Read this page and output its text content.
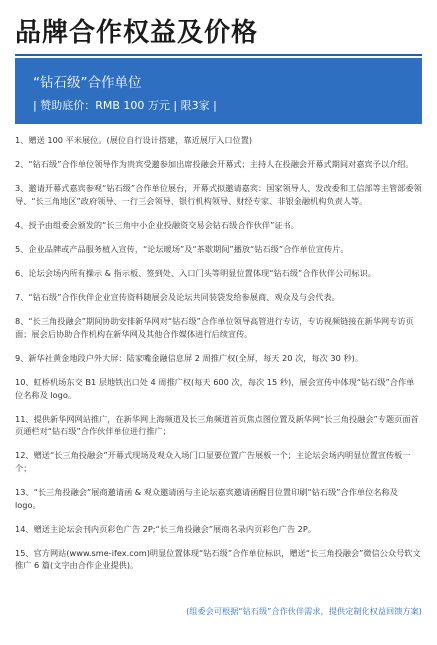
品牌合作权益及价格
“钻石级”合作单位
| 赞助底价：RMB 100 万元 | 限3家 |
1、赠送 100 平米展位。(展位自行设计搭建，靠近展厅入口位置)
2、“钻石级”合作单位领导作为贵宾受邀参加出席投融会开幕式；主持人在投融会开幕式期间对嘉宾予以介绍。
3、邀请开幕式嘉宾参观“钻石级”合作单位展台，开幕式拟邀请嘉宾：国家领导人、发改委和工信部等主管部委领导、“长三角地区”政府领导、一行三会领导、银行机构领导、财经专家、非银金融机构负责人等。
4、授予由组委会颁发的“长三角中小企业投融资交易会钻石级合作伙伴”证书。
5、企业品牌或产品服务植入宣传，“论坛暖场”及“茶歇期间”播放“钻石级”合作单位宣传片。
6、论坛会场内所有操示 & 指示板、签到处、入口门头等明显位置体现“钻石级”合作伙伴公司标识。
7、“钻石级”合作伙伴企业宣传资料随展会及论坛共同装袋发给参展商、观众及与会代表。
8、“长三角投融会”期间协助安排新华网对“钻石级”合作单位领导高管进行专访，专访视频链接在新华网专访页面；展会后协助合作机构在新华网及其他合作媒体进行后续宣传。
9、新华社黄金地段户外大屏：陆家嘴金融信息屏 2 周推广权(全屏，每天 20 次，每次 30 秒)。
10、虹桥机场东交 B1 层地铁出口处 4 周推广权(每天 600 次，每次 15 秒)，展会宣传中体现“钻石级”合作单位名称及 logo。
11、提供新华网网站推广，在新华网上海频道及长三角频道首页焦点图位置及新华网“长三角投融会”专题页面首页通栏对“钻石级”合作伙伴单位进行推广；
12、赠送“长三角投融会”开幕式现场及观众入场门口显要位置广告展板一个；主论坛会场内明显位置宣传板一个；
13、“长三角投融会”展商邀请函 & 观众邀请函与主论坛嘉宾邀请函醒目位置印刷“钻石级”合作单位名称及 logo。
14、赠送主论坛会刊内页彩色广告 2P;“长三角投融会”展商名录内页彩色广告 2P。
15、官方网站(www.sme-ifex.com)明显位置体现“钻石级”合作单位标识，赠送“长三角投融会”微信公众号软文推广 6 篇(文字由合作企业提供)。
(组委会可根据“钻石级”合作伙伴需求，提供定制化权益回馈方案)
